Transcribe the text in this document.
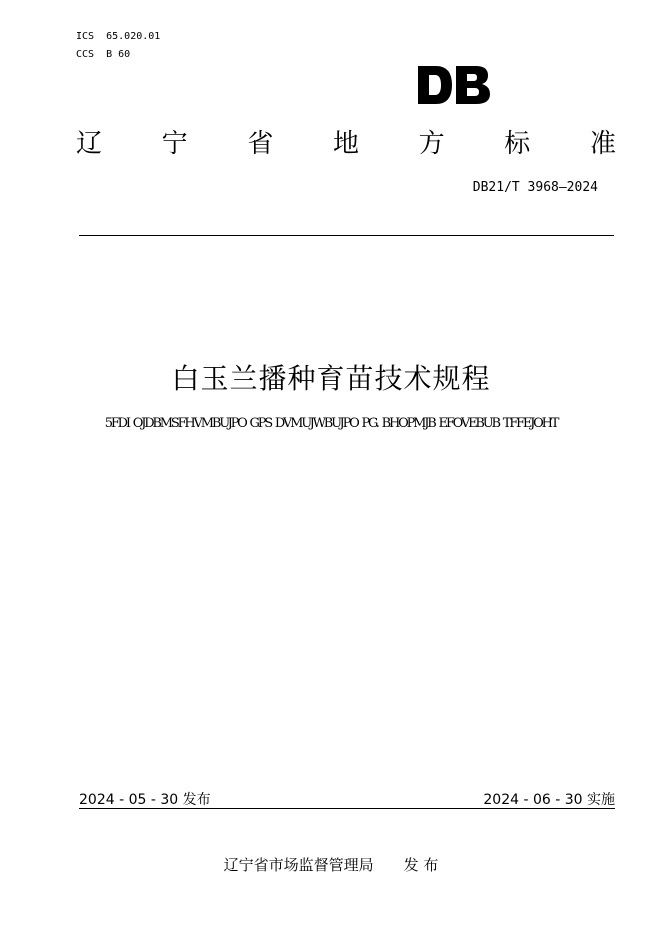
ICS 65.020.01
CCS B 60
辽 宁 省 地 方 标 准
DB21/T 3968—2024
白玉兰播种育苗技术规程
5FDI OJDBMSFHVMBUJPO GPS DVMUJWBUJPO PG. BHOPMJB EFOVEBUB TFFEJOHT
2024 - 05 - 30 发布	2024 - 06 - 30 实施
辽宁省市场监督管理局 发 布
